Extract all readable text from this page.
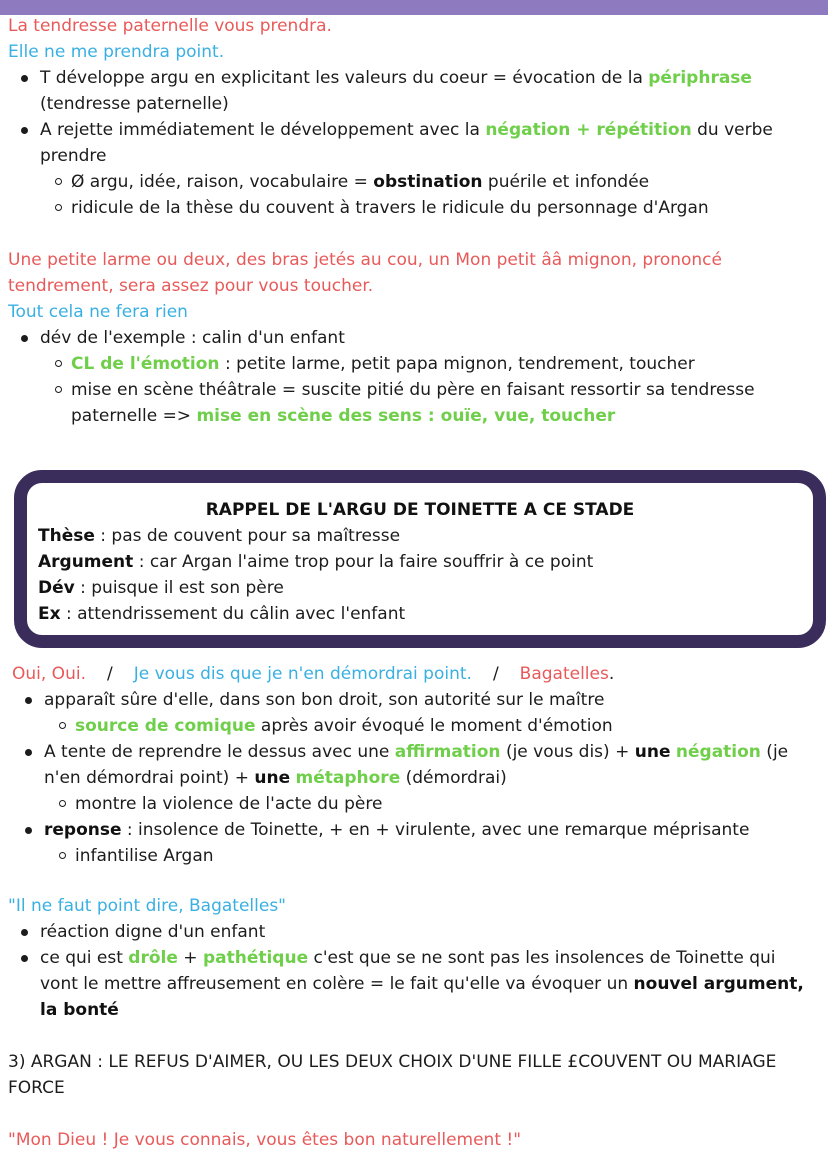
La tendresse paternelle vous prendra.
Elle ne me prendra point.
T développe argu en explicitant les valeurs du coeur = évocation de la périphrase
(tendresse paternelle)
A rejette immédiatement le développement avec la négation + répétition du verbe prendre
Ø argu, idée, raison, vocabulaire = obstination puérile et infondée
ridicule de la thèse du couvent à travers le ridicule du personnage d'Argan
Une petite larme ou deux, des bras jetés au cou, un Mon petit ââ mignon, prononcé
tendrement, sera assez pour vous toucher.
Tout cela ne fera rien
dév de l'exemple : calin d'un enfant
CL de l'émotion : petite larme, petit papa mignon, tendrement, toucher
mise en scène théâtrale = suscite pitié du père en faisant ressortir sa tendresse paternelle => mise en scène des sens : ouïe, vue, toucher
RAPPEL DE L'ARGU DE TOINETTE A CE STADE
Thèse : pas de couvent pour sa maîtresse
Argument : car Argan l'aime trop pour la faire souffrir à ce point
Dév : puisque il est son père
Ex : attendrissement du câlin avec l'enfant
Oui, Oui. / Je vous dis que je n'en démordrai point. / Bagatelles.
apparaît sûre d'elle, dans son bon droit, son autorité sur le maître
source de comique après avoir évoqué le moment d'émotion
A tente de reprendre le dessus avec une affirmation (je vous dis) + une négation (je n'en démordrai point) + une métaphore (démordrai)
montre la violence de l'acte du père
reponse : insolence de Toinette, + en + virulente, avec une remarque méprisante
infantilise Argan
"Il ne faut point dire, Bagatelles"
réaction digne d'un enfant
ce qui est drôle + pathétique c'est que se ne sont pas les insolences de Toinette qui vont le mettre affreusement en colère = le fait qu'elle va évoquer un nouvel argument, la bonté
3) ARGAN : LE REFUS D'AIMER, OU LES DEUX CHOIX D'UNE FILLE £COUVENT OU MARIAGE FORCE
"Mon Dieu ! Je vous connais, vous êtes bon naturellement !"
